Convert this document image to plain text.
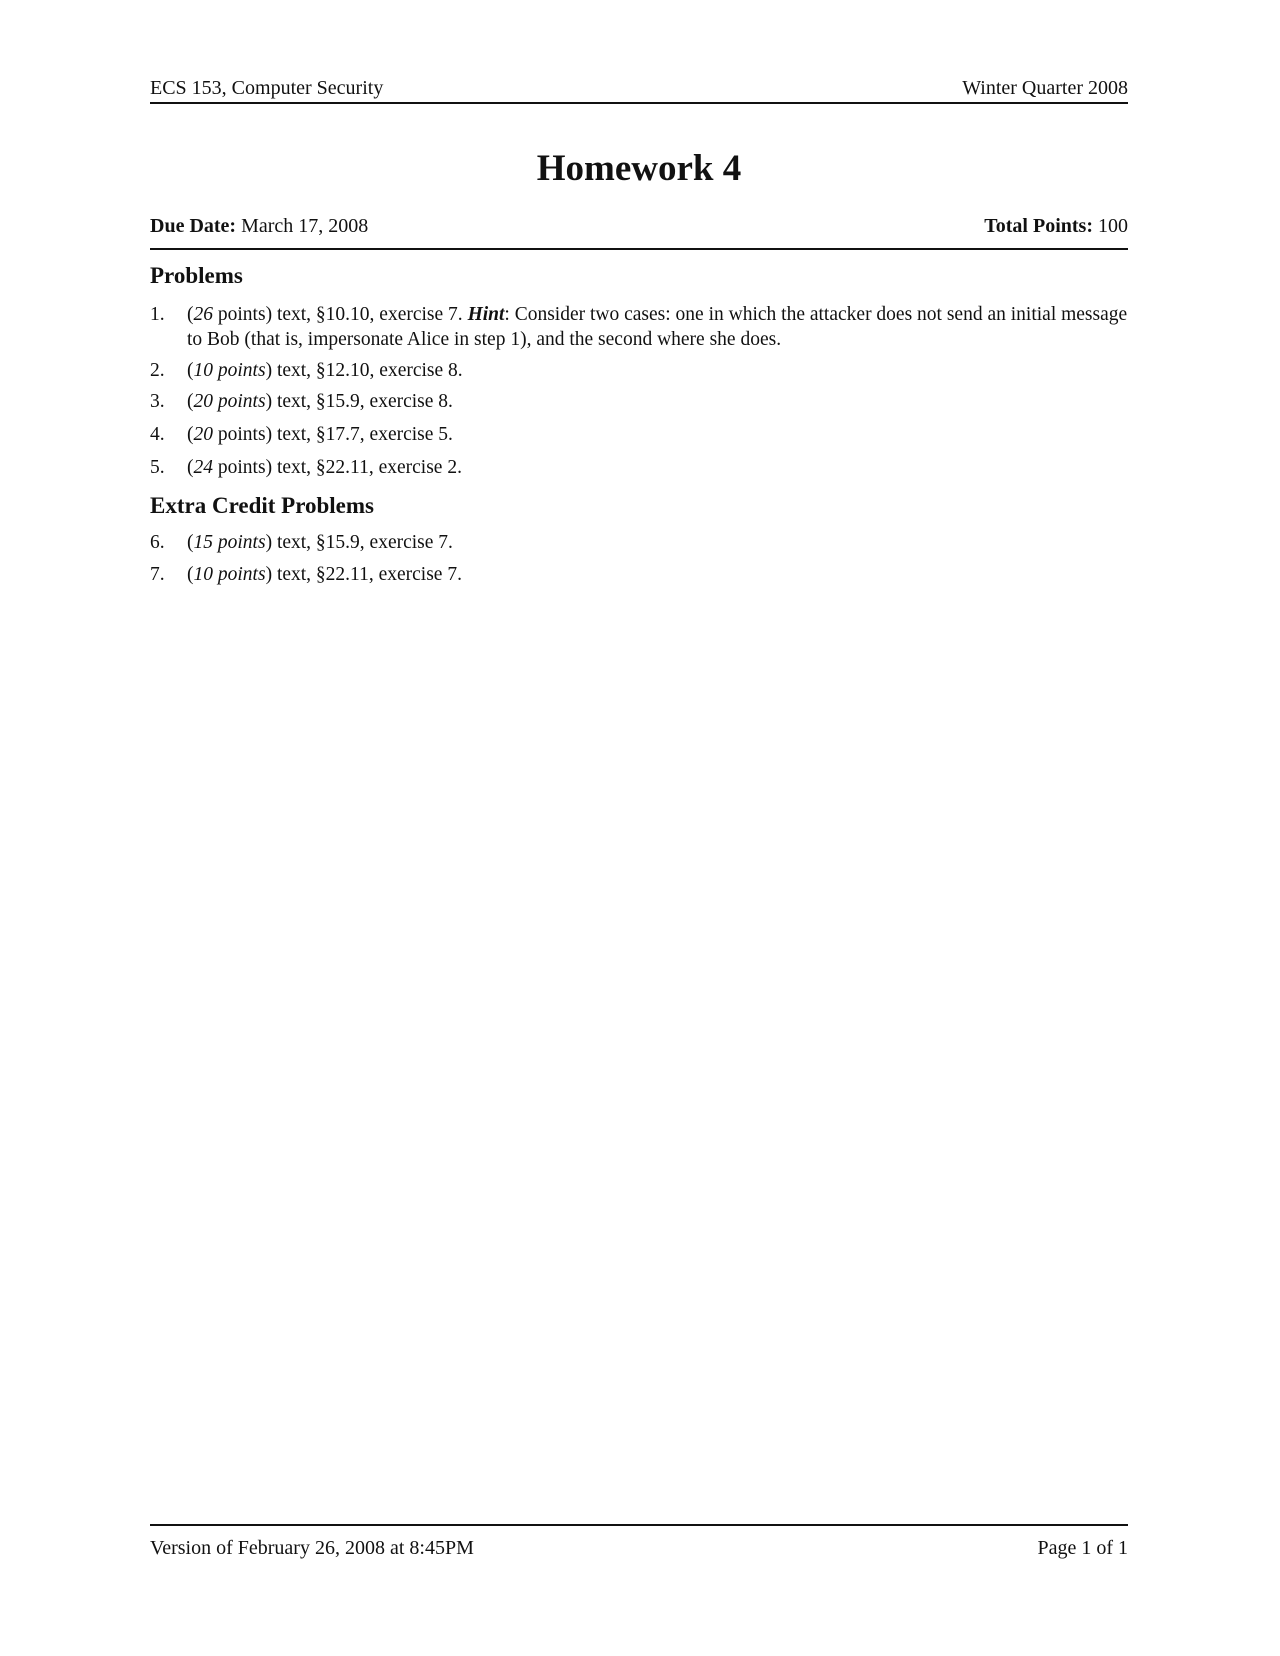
ECS 153, Computer Security	Winter Quarter 2008
Homework 4
Due Date: March 17, 2008	Total Points: 100
Problems
1.	(26 points) text, §10.10, exercise 7. Hint: Consider two cases: one in which the attacker does not send an initial message to Bob (that is, impersonate Alice in step 1), and the second where she does.
2.	(10 points) text, §12.10, exercise 8.
3.	(20 points) text, §15.9, exercise 8.
4.	(20 points) text, §17.7, exercise 5.
5.	(24 points) text, §22.11, exercise 2.
Extra Credit Problems
6.	(15 points) text, §15.9, exercise 7.
7.	(10 points) text, §22.11, exercise 7.
Version of February 26, 2008 at 8:45PM	Page 1 of 1
